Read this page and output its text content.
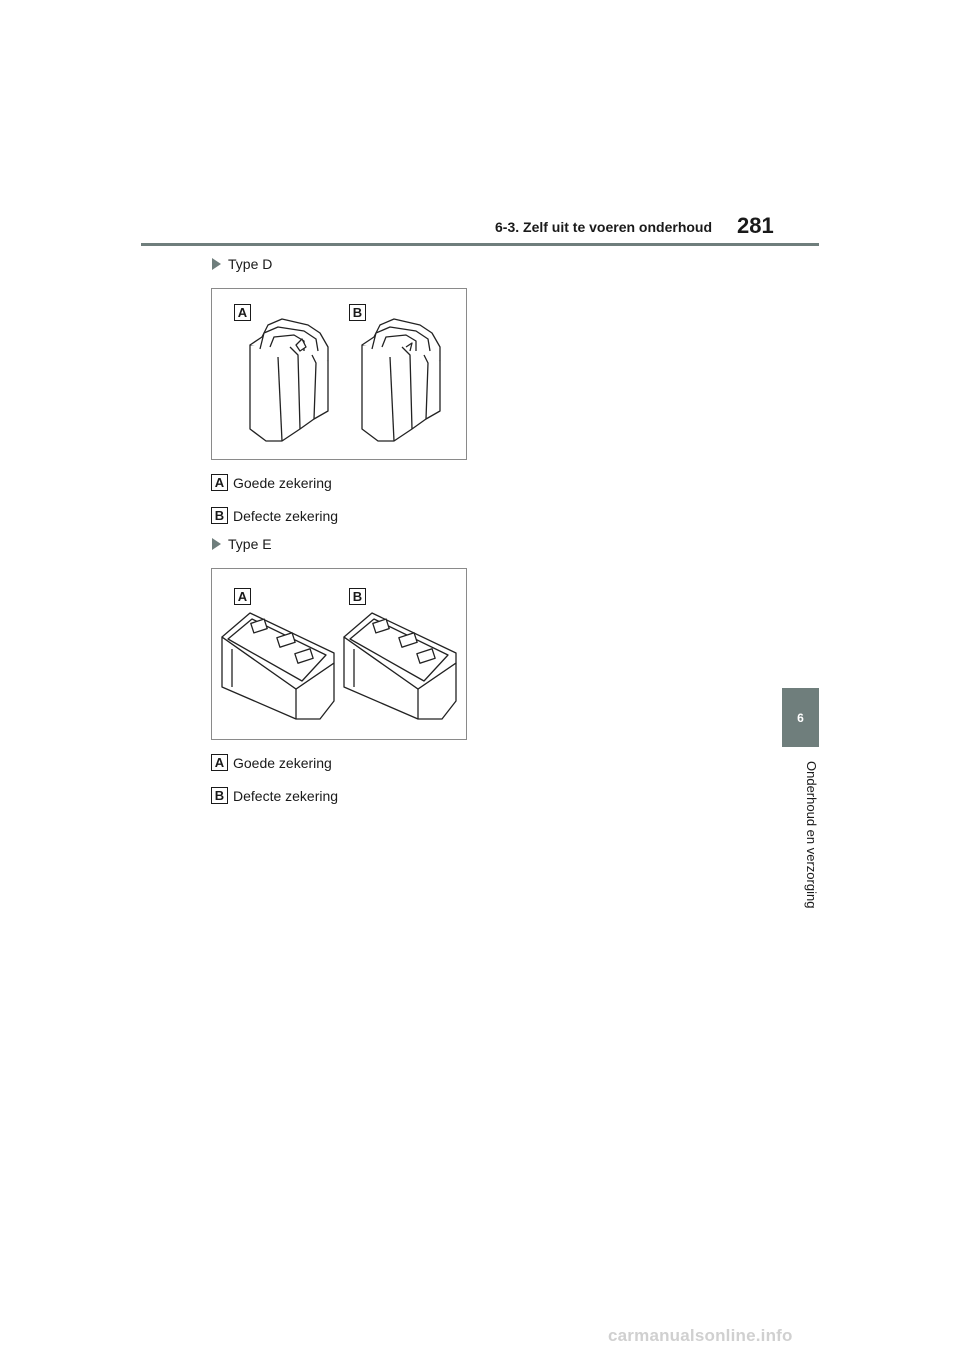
6-3. Zelf uit te voeren onderhoud 281
6
Onderhoud en verzorging
Type D
A	B
A Goede zekering
B Defecte zekering
Type E
A	B
A Goede zekering
B Defecte zekering
carmanualsonline.info
